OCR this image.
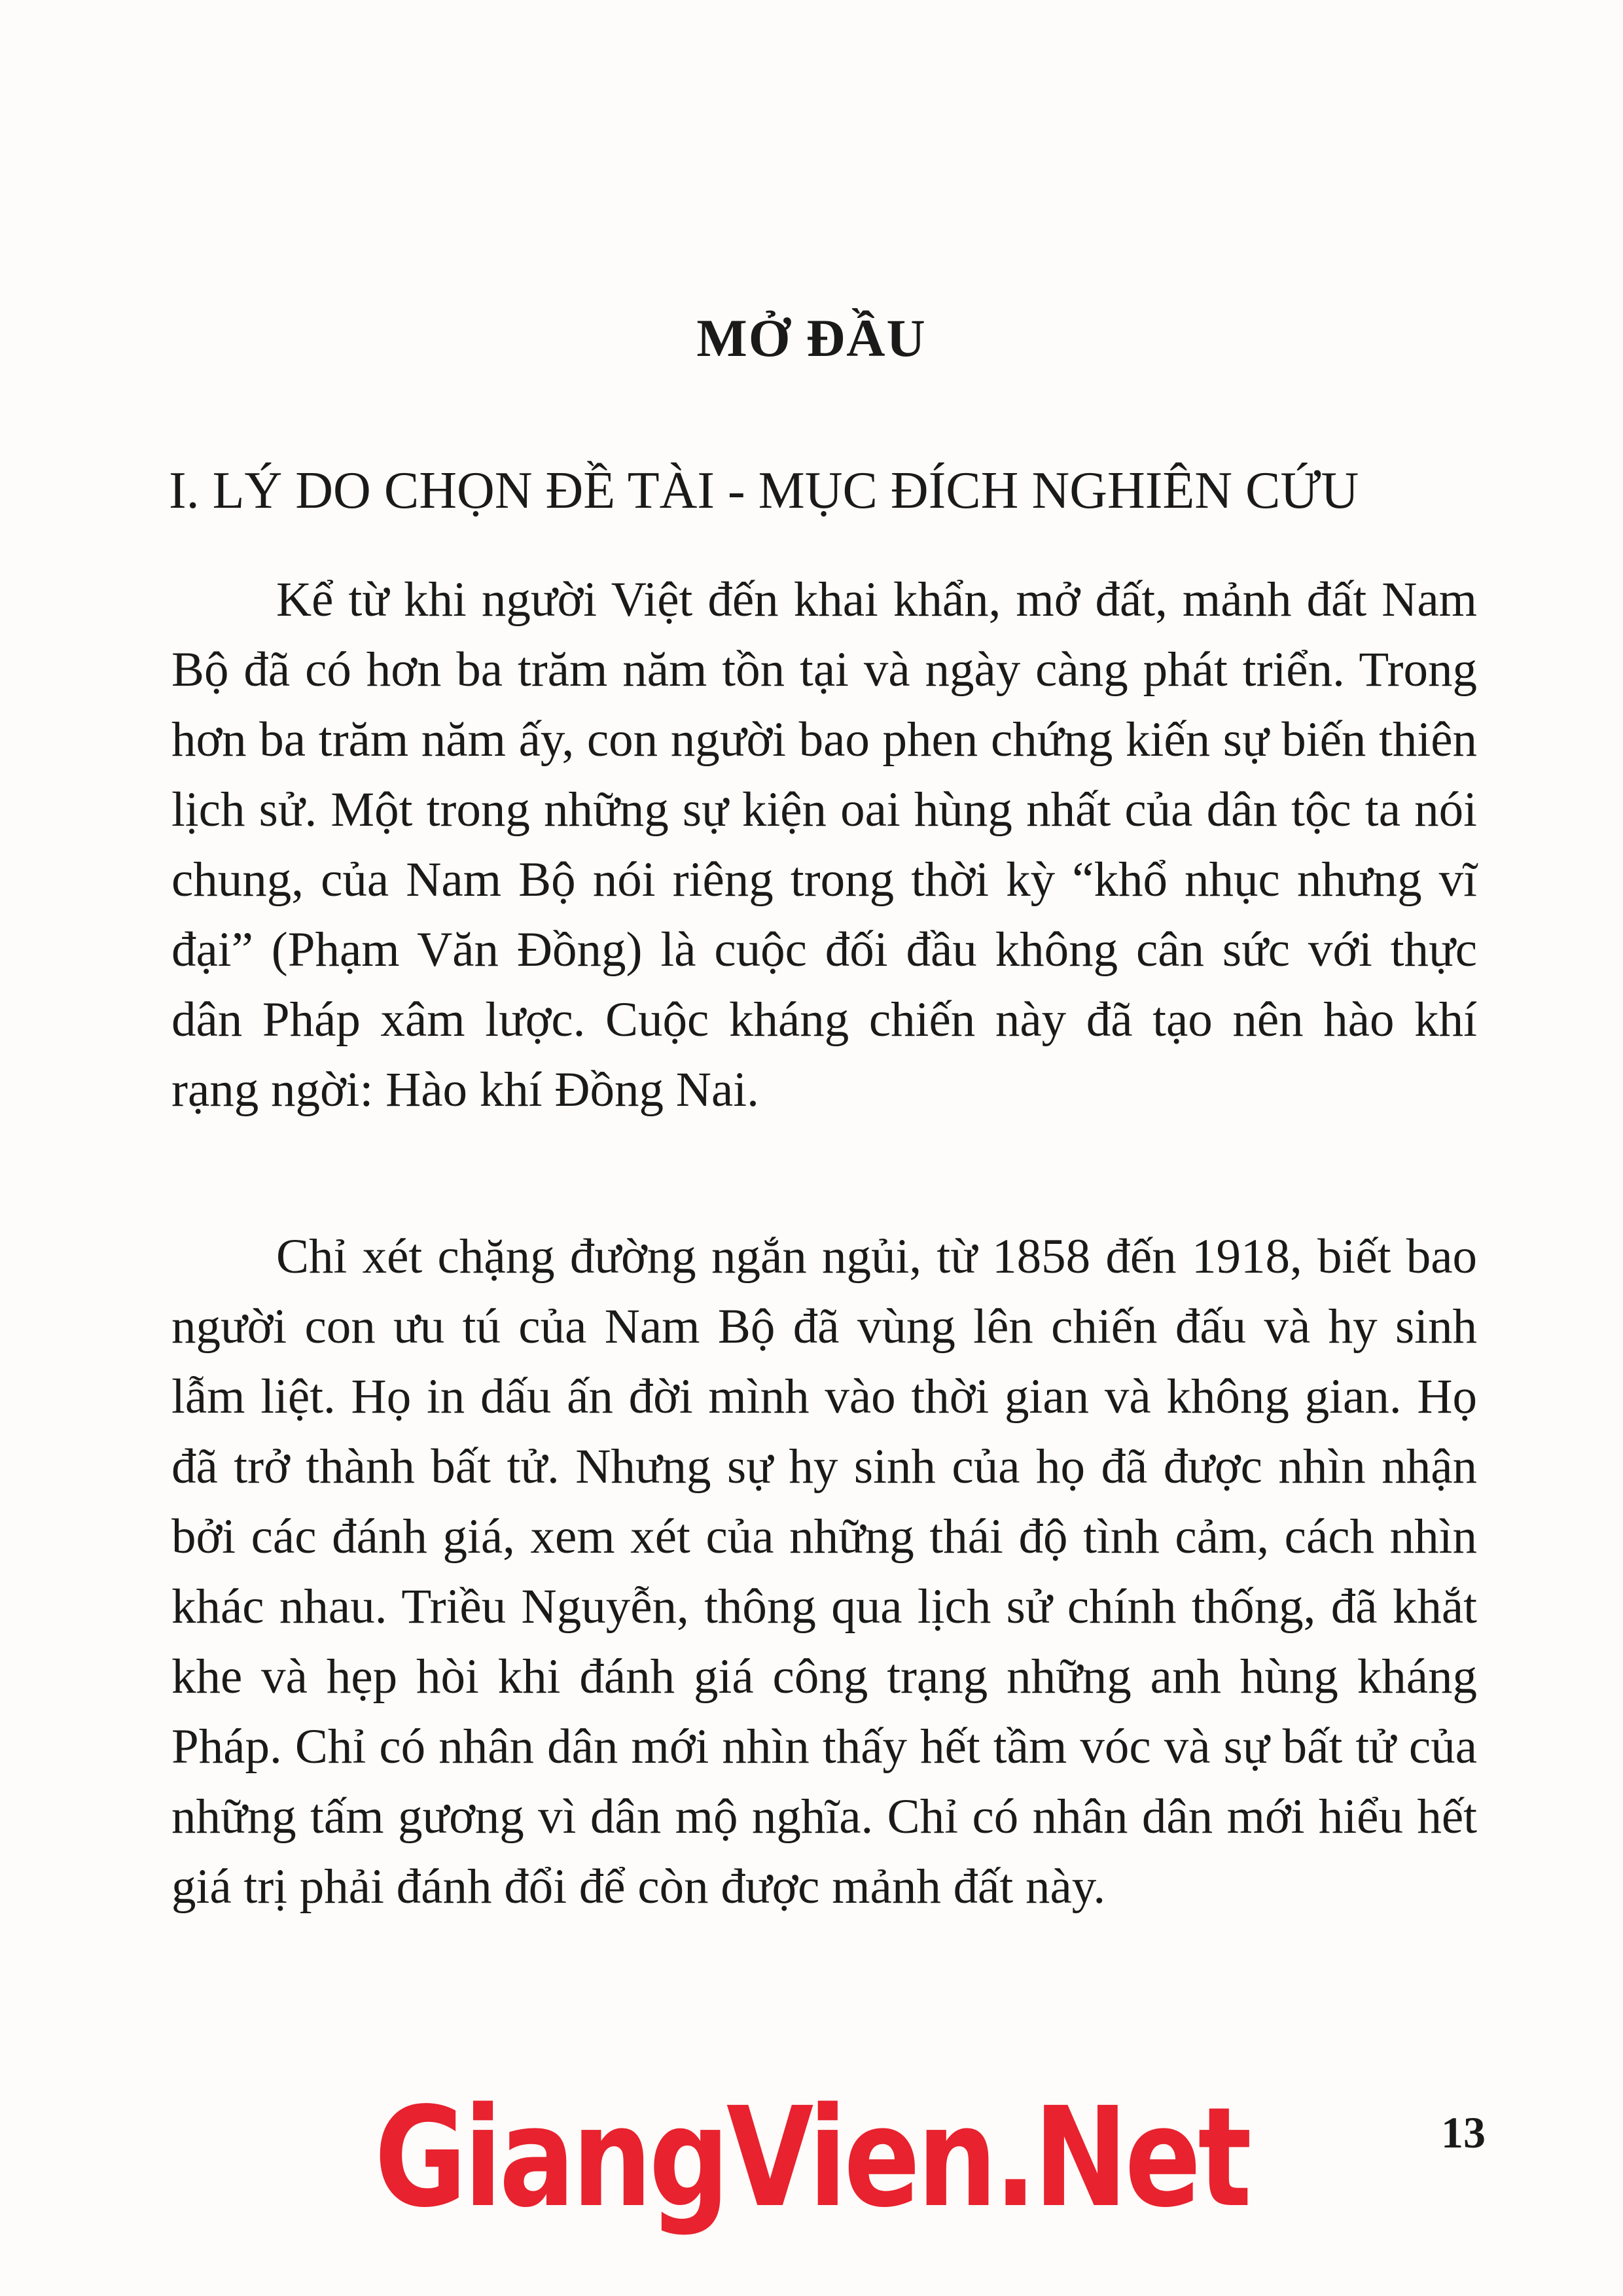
MỞ ĐẦU
I. LÝ DO CHỌN ĐỀ TÀI - MỤC ĐÍCH NGHIÊN CỨU

Kể từ khi người Việt đến khai khẩn, mở đất, mảnh đất Nam Bộ đã có hơn ba trăm năm tồn tại và ngày càng phát triển. Trong hơn ba trăm năm ấy, con người bao phen chứng kiến sự biến thiên lịch sử. Một trong những sự kiện oai hùng nhất của dân tộc ta nói chung, của Nam Bộ nói riêng trong thời kỳ “khổ nhục nhưng vĩ đại” (Phạm Văn Đồng) là cuộc đối đầu không cân sức với thực dân Pháp xâm lược. Cuộc kháng chiến này đã tạo nên hào khí rạng ngời: Hào khí Đồng Nai.

Chỉ xét chặng đường ngắn ngủi, từ 1858 đến 1918, biết bao người con ưu tú của Nam Bộ đã vùng lên chiến đấu và hy sinh lẫm liệt. Họ in dấu ấn đời mình vào thời gian và không gian. Họ đã trở thành bất tử. Nhưng sự hy sinh của họ đã được nhìn nhận bởi các đánh giá, xem xét của những thái độ tình cảm, cách nhìn khác nhau. Triều Nguyễn, thông qua lịch sử chính thống, đã khắt khe và hẹp hòi khi đánh giá công trạng những anh hùng kháng Pháp. Chỉ có nhân dân mới nhìn thấy hết tầm vóc và sự bất tử của những tấm gương vì dân mộ nghĩa. Chỉ có nhân dân mới hiểu hết giá trị phải đánh đổi để còn được mảnh đất này.

GiangVien.Net	13
